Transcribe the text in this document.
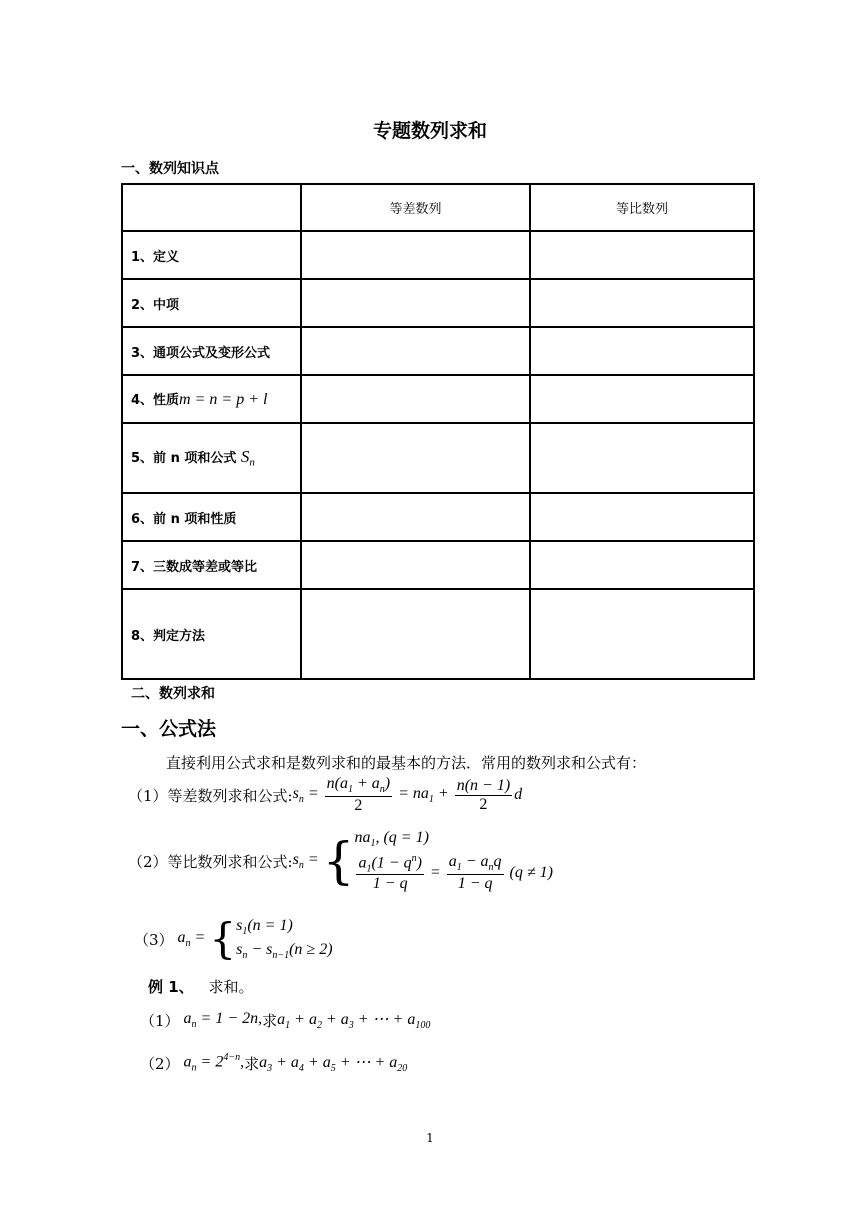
专题数列求和
一、数列知识点
	等差数列	等比数列
1、定义		
2、中项		
3、通项公式及变形公式		
4、性质m = n = p + l		
5、前 n 项和公式 $S_n$		
6、前 n 项和性质		
7、三数成等差或等比		
8、判定方法		
二、数列求和
一、公式法
直接利用公式求和是数列求和的最基本的方法．常用的数列求和公式有：
（1）等差数列求和公式: $s_n = \frac{n(a_1 + a_n)}{2} = na_1 + \frac{n(n - 1)}{2}$ d
（2）等比数列求和公式: $s_n$ = { $na_1$, (q = 1)
$\frac{a_1(1 - q^n)}{1 - q} = \frac{a_1 - a_nq}{1 - q} (q \ne 1)$
（3） $a_n$ = { $s_1(n = 1)$
$s_n - s_{n-1}(n \ge 2)$
例 1、 求和。
（1） $a_n = 1 - 2n$, 求 $a_1 + a_2 + a_3$ + ⋯ + $a_{100}$
（2） $a_n = 2^{4-n}$, 求 $a_3 + a_4 + a_5$ + ⋯ + $a_{20}$
1
